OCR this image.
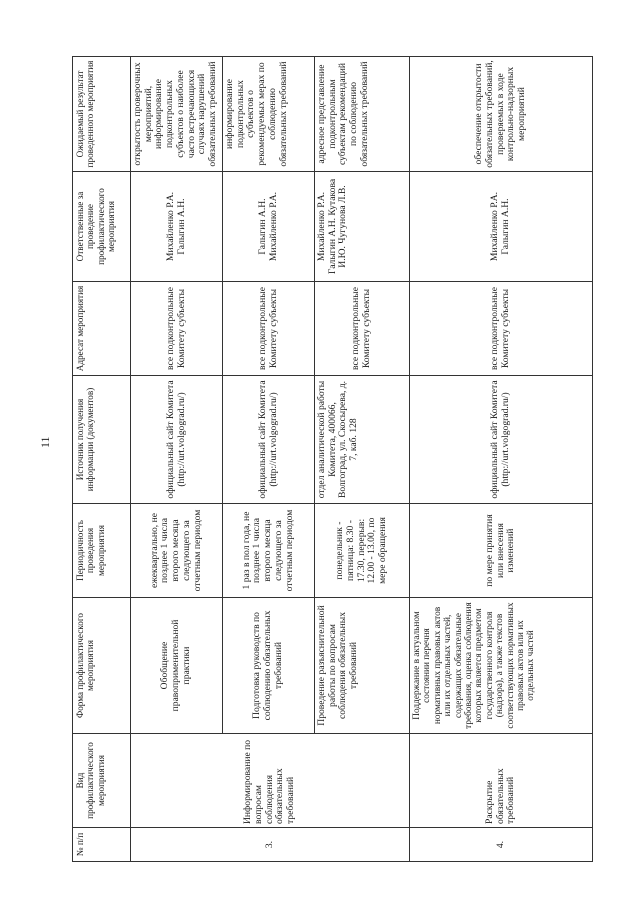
11
№ п/п	Вид профилактического мероприятия	Форма профилактического мероприятия	Периодичность проведения мероприятия	Источник получения информации (документов)	Адресат мероприятия	Ответственные за проведение профилактического мероприятия	Ожидаемый результат проведенного мероприятия
3.	Информирование по вопросам соблюдения обязательных требований	Обобщение правоприменительной практики	ежеквартально, не позднее 1 числа второго месяца следующего за отчетным периодом	официальный сайт Комитета (http://urt.volgograd.ru/)	все подконтрольные Комитету субъекты	Михайленко Р.А. Галыгин А.Н.	открытость проверочных мероприятий, информирование подконтрольных субъектов о наиболее часто встречающихся случаях нарушений обязательных требований
		Подготовка руководств по соблюдению обязательных требований	1 раз в пол года, не позднее 1 числа второго месяца следующего за отчетным периодом	официальный сайт Комитета (http://urt.volgograd.ru/)	все подконтрольные Комитету субъекты	Галыгин А.Н. Михайленко Р.А.	информирование подконтрольных субъектов о рекомендуемых мерах по соблюдению обязательных требований
		Проведение разъяснительной работы по вопросам соблюдения обязательных требований	понедельник - пятница: 8.30 - 17.30, перерыв: 12.00 - 13.00, по мере обращения	отдел аналитической работы Комитета, 400066, Волгоград, ул. Скосырева, д. 7, каб. 128	все подконтрольные Комитету субъекты	Михайленко Р.А. Галыгин А.Н. Кутакова И.Ю. Чугунова Л.В.	адресное представление подконтрольным субъектам рекомендаций по соблюдению обязательных требований
4.	Раскрытие обязательных требований	Поддержание в актуальном состоянии перечня нормативных правовых актов или их отдельных частей, содержащих обязательные требования, оценка соблюдения которых является предметом государственного контроля (надзора), а также текстов соответствующих нормативных правовых актов или их отдельных частей	по мере принятия или внесения изменений	официальный сайт Комитета (http://urt.volgograd.ru/)	все подконтрольные Комитету субъекты	Михайленко Р.А. Галыгин А.Н.	обеспечение открытости обязательных требований, проверяемых в ходе контрольно-надзорных мероприятий
